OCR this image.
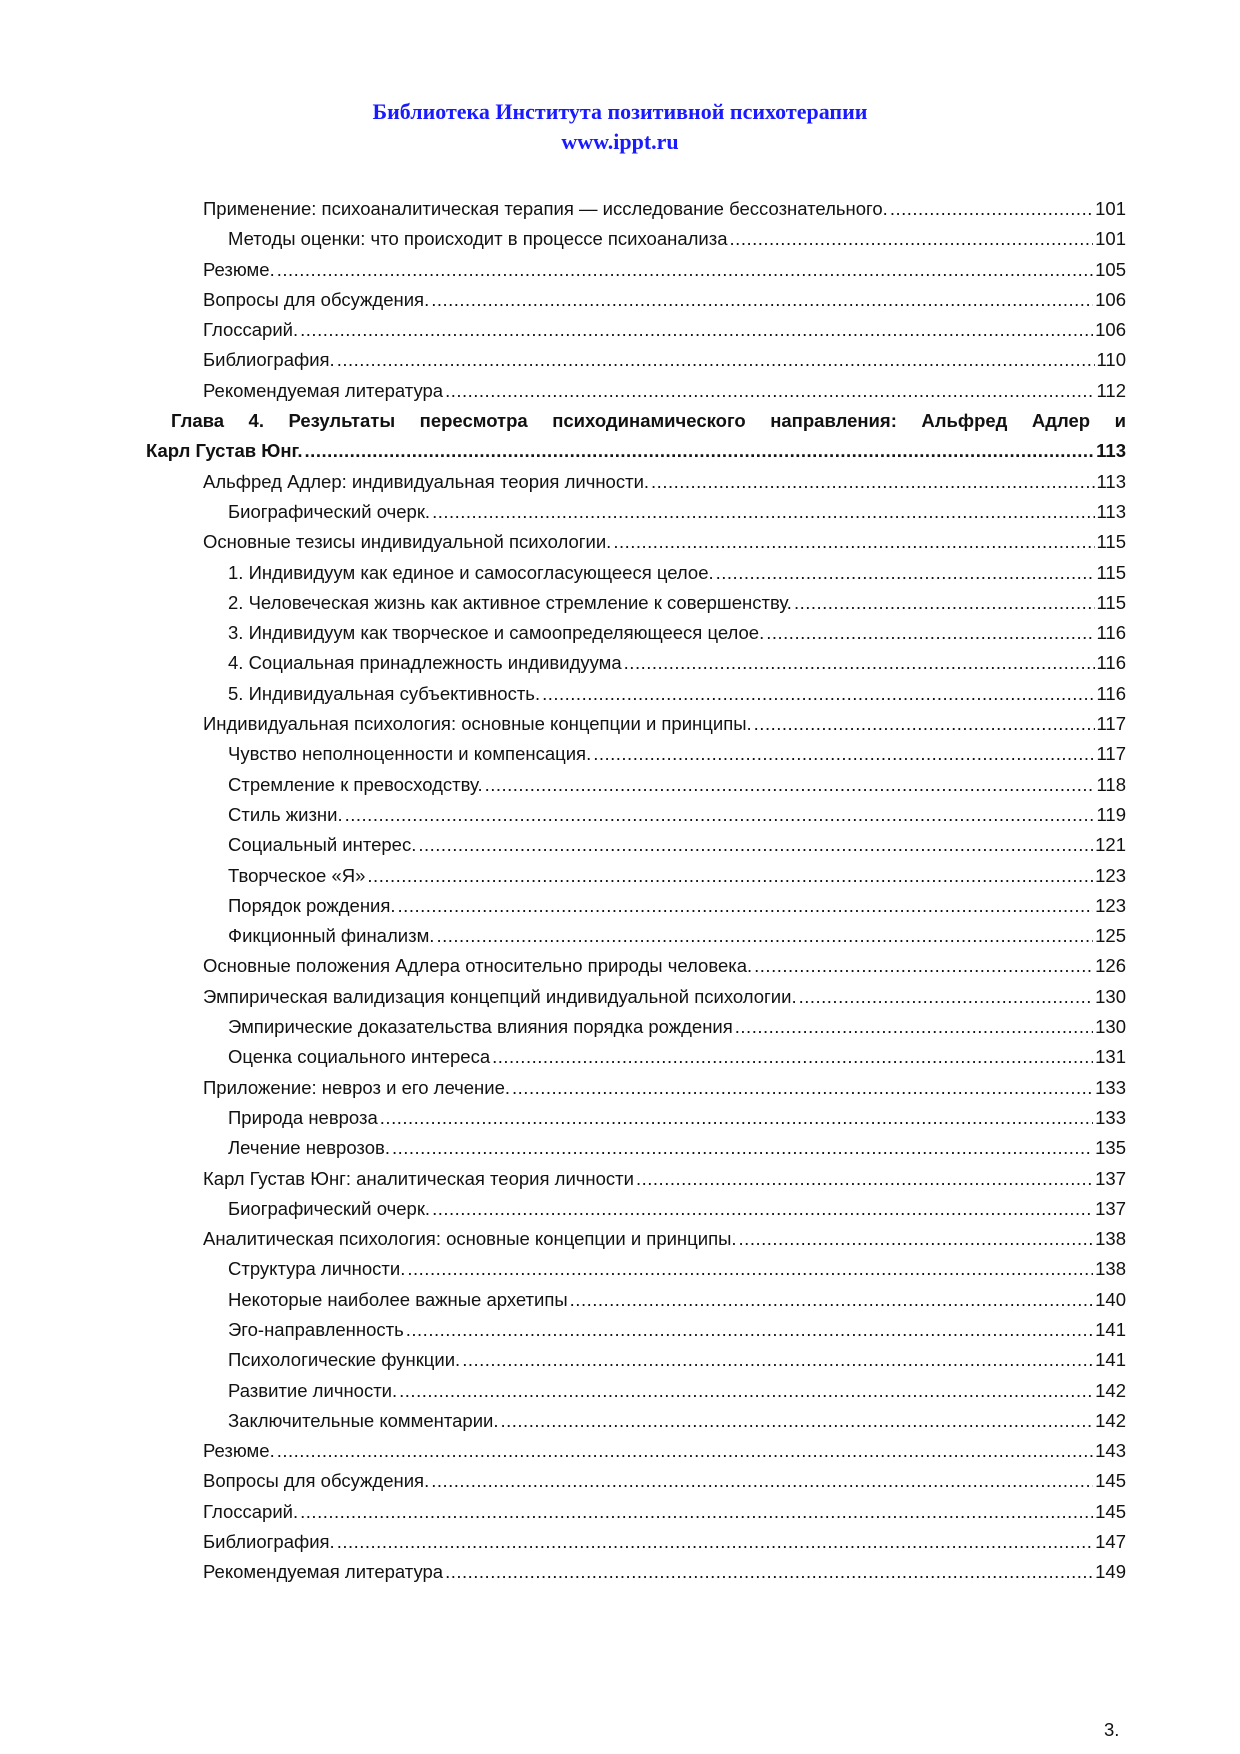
Библиотека Института позитивной психотерапии
www.ippt.ru
Применение: психоаналитическая терапия — исследование бессознательного. .....	101
Методы оценки: что происходит в процессе психоанализа .....	101
Резюме. .....	105
Вопросы для обсуждения. .....	106
Глоссарий. .....	106
Библиография. .....	110
Рекомендуемая литература .....	112
Глава 4. Результаты пересмотра психодинамического направления: Альфред Адлер и
Карл Густав Юнг. .....	113
Альфред Адлер: индивидуальная теория личности. .....	113
Биографический очерк. .....	113
Основные тезисы индивидуальной психологии. .....	115
1. Индивидуум как единое и самосогласующееся целое. .....	115
2. Человеческая жизнь как активное стремление к совершенству. .....	115
3. Индивидуум как творческое и самоопределяющееся целое. .....	116
4. Социальная принадлежность индивидуума .....	116
5. Индивидуальная субъективность. .....	116
Индивидуальная психология: основные концепции и принципы. .....	117
Чувство неполноценности и компенсация. .....	117
Стремление к превосходству. .....	118
Стиль жизни. .....	119
Социальный интерес. .....	121
Творческое «Я» .....	123
Порядок рождения. .....	123
Фикционный финализм. .....	125
Основные положения Адлера относительно природы человека. .....	126
Эмпирическая валидизация концепций индивидуальной психологии. .....	130
Эмпирические доказательства влияния порядка рождения .....	130
Оценка социального интереса .....	131
Приложение: невроз и его лечение. .....	133
Природа невроза .....	133
Лечение неврозов. .....	135
Карл Густав Юнг: аналитическая теория личности .....	137
Биографический очерк. .....	137
Аналитическая психология: основные концепции и принципы. .....	138
Структура личности. .....	138
Некоторые наиболее важные архетипы .....	140
Эго-направленность .....	141
Психологические функции. .....	141
Развитие личности. .....	142
Заключительные комментарии. .....	142
Резюме. .....	143
Вопросы для обсуждения. .....	145
Глоссарий. .....	145
Библиография. .....	147
Рекомендуемая литература .....	149
3.
